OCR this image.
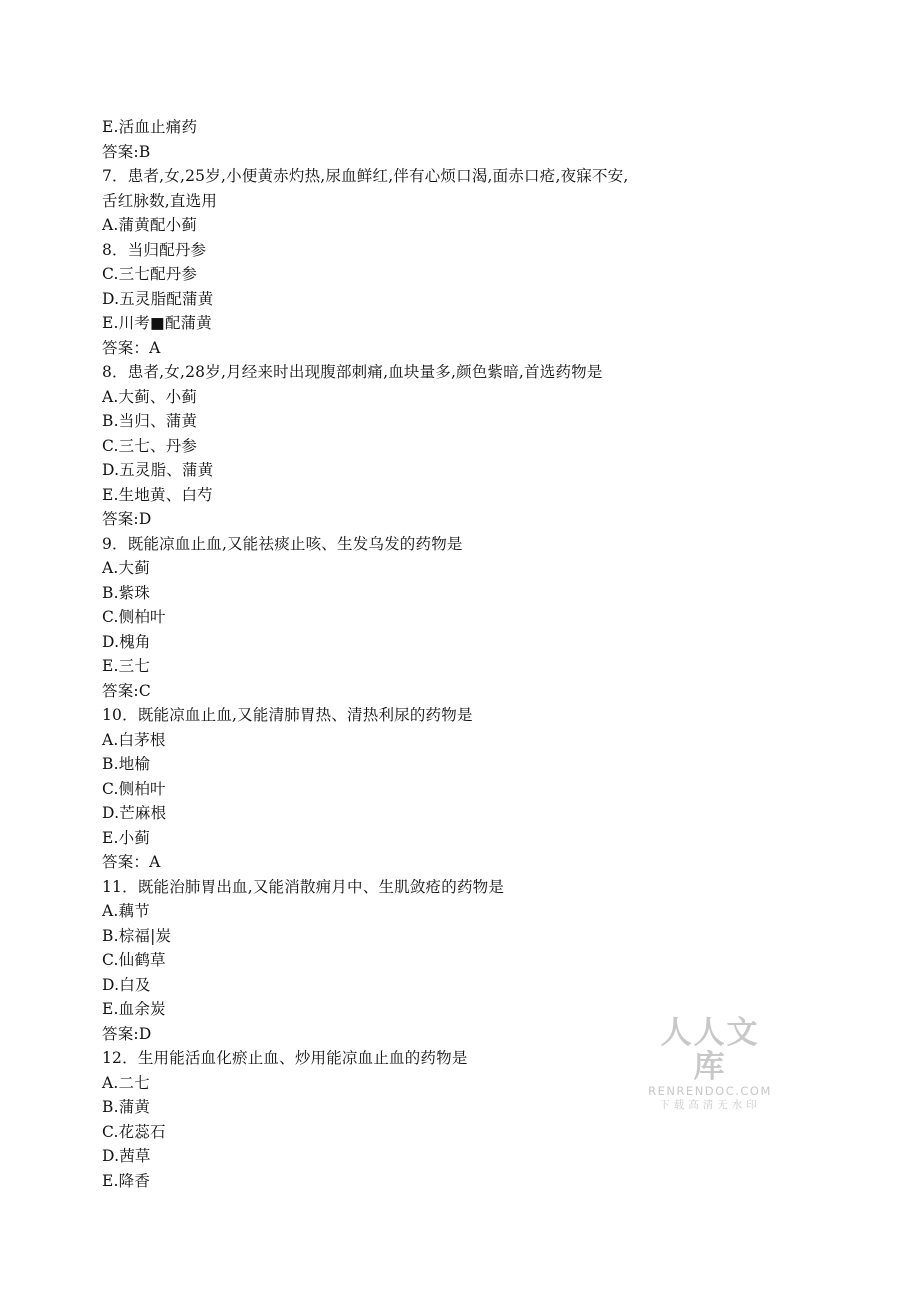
E.活血止痛药
答案:B
7．患者,女,25岁,小便黄赤灼热,尿血鲜红,伴有心烦口渴,面赤口疮,夜寐不安,
舌红脉数,直选用
A.蒲黄配小蓟
8．当归配丹参
C.三七配丹参
D.五灵脂配蒲黄
E.川考■配蒲黄
答案：A
8．患者,女,28岁,月经来时出现腹部刺痛,血块量多,颜色紫暗,首选药物是
A.大蓟、小蓟
B.当归、蒲黄
C.三七、丹参
D.五灵脂、蒲黄
E.生地黄、白芍
答案:D
9．既能凉血止血,又能祛痰止咳、生发乌发的药物是
A.大蓟
B.紫珠
C.侧柏叶
D.槐角
E.三七
答案:C
10．既能凉血止血,又能清肺胃热、清热利尿的药物是
A.白茅根
B.地榆
C.侧柏叶
D.芒麻根
E.小蓟
答案：A
11．既能治肺胃出血,又能消散痈月中、生肌敛疮的药物是
A.藕节
B.棕福|炭
C.仙鹤草
D.白及
E.血余炭
答案:D
12．生用能活血化瘀止血、炒用能凉血止血的药物是
A.二七
B.蒲黄
C.花蕊石
D.茜草
E.降香
人人文库
RENRENDOC.COM
下载高清无水印
